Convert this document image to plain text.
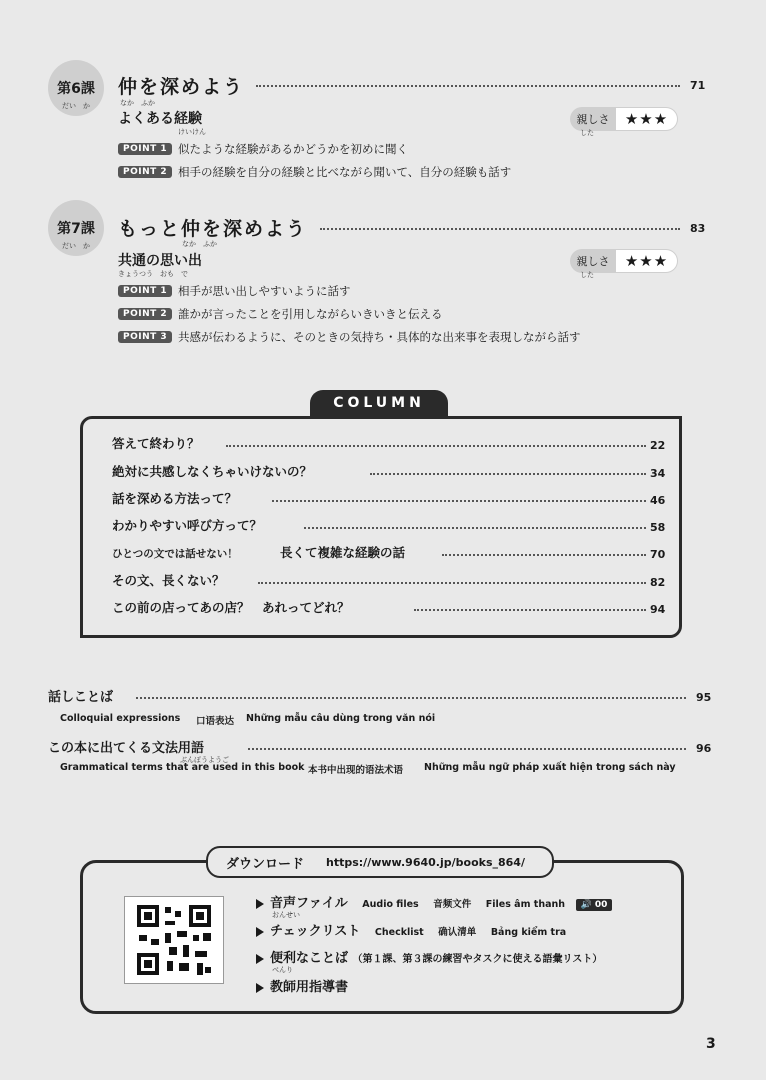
第6課
だい　か
仲を深めよう
なか　ふか
71
よくある経験
けいけん
親しさ	★★★
した
POINT 1 似たような経験があるかどうかを初めに聞く
POINT 2 相手の経験を自分の経験と比べながら聞いて、自分の経験も話す
第7課
だい　か
もっと仲を深めよう
なか　ふか
83
共通の思い出
きょうつう　おも　で
親しさ	★★★
した
POINT 1 相手が思い出しやすいように話す
POINT 2 誰かが言ったことを引用しながらいきいきと伝える
POINT 3 共感が伝わるように、そのときの気持ち・具体的な出来事を表現しながら話す
COLUMN
答えて終わり？	22
絶対に共感しなくちゃいけないの？	34
話を深める方法って？	46
わかりやすい呼び方って？	58
ひとつの文では話せない！	長くて複雑な経験の話	70
その文、長くない？	82
この前の店ってあの店？　あれってどれ？	94
話しことば	95
Colloquial expressions 口语表达 Những mẫu câu dùng trong văn nói
この本に出てくる文法用語
ぶんぽうようご
96
Grammatical terms that are used in this book 本书中出现的语法术语 Những mẫu ngữ pháp xuất hiện trong sách này
ダウンロード https://www.9640.jp/books_864/
音声ファイル Audio files 音频文件 Files âm thanh 🔊 00
おんせい
チェックリスト Checklist 确认清单 Bảng kiểm tra
便利なことば （第１課、第３課の練習やタスクに使える語彙リスト）
べんり
教師用指導書
3
